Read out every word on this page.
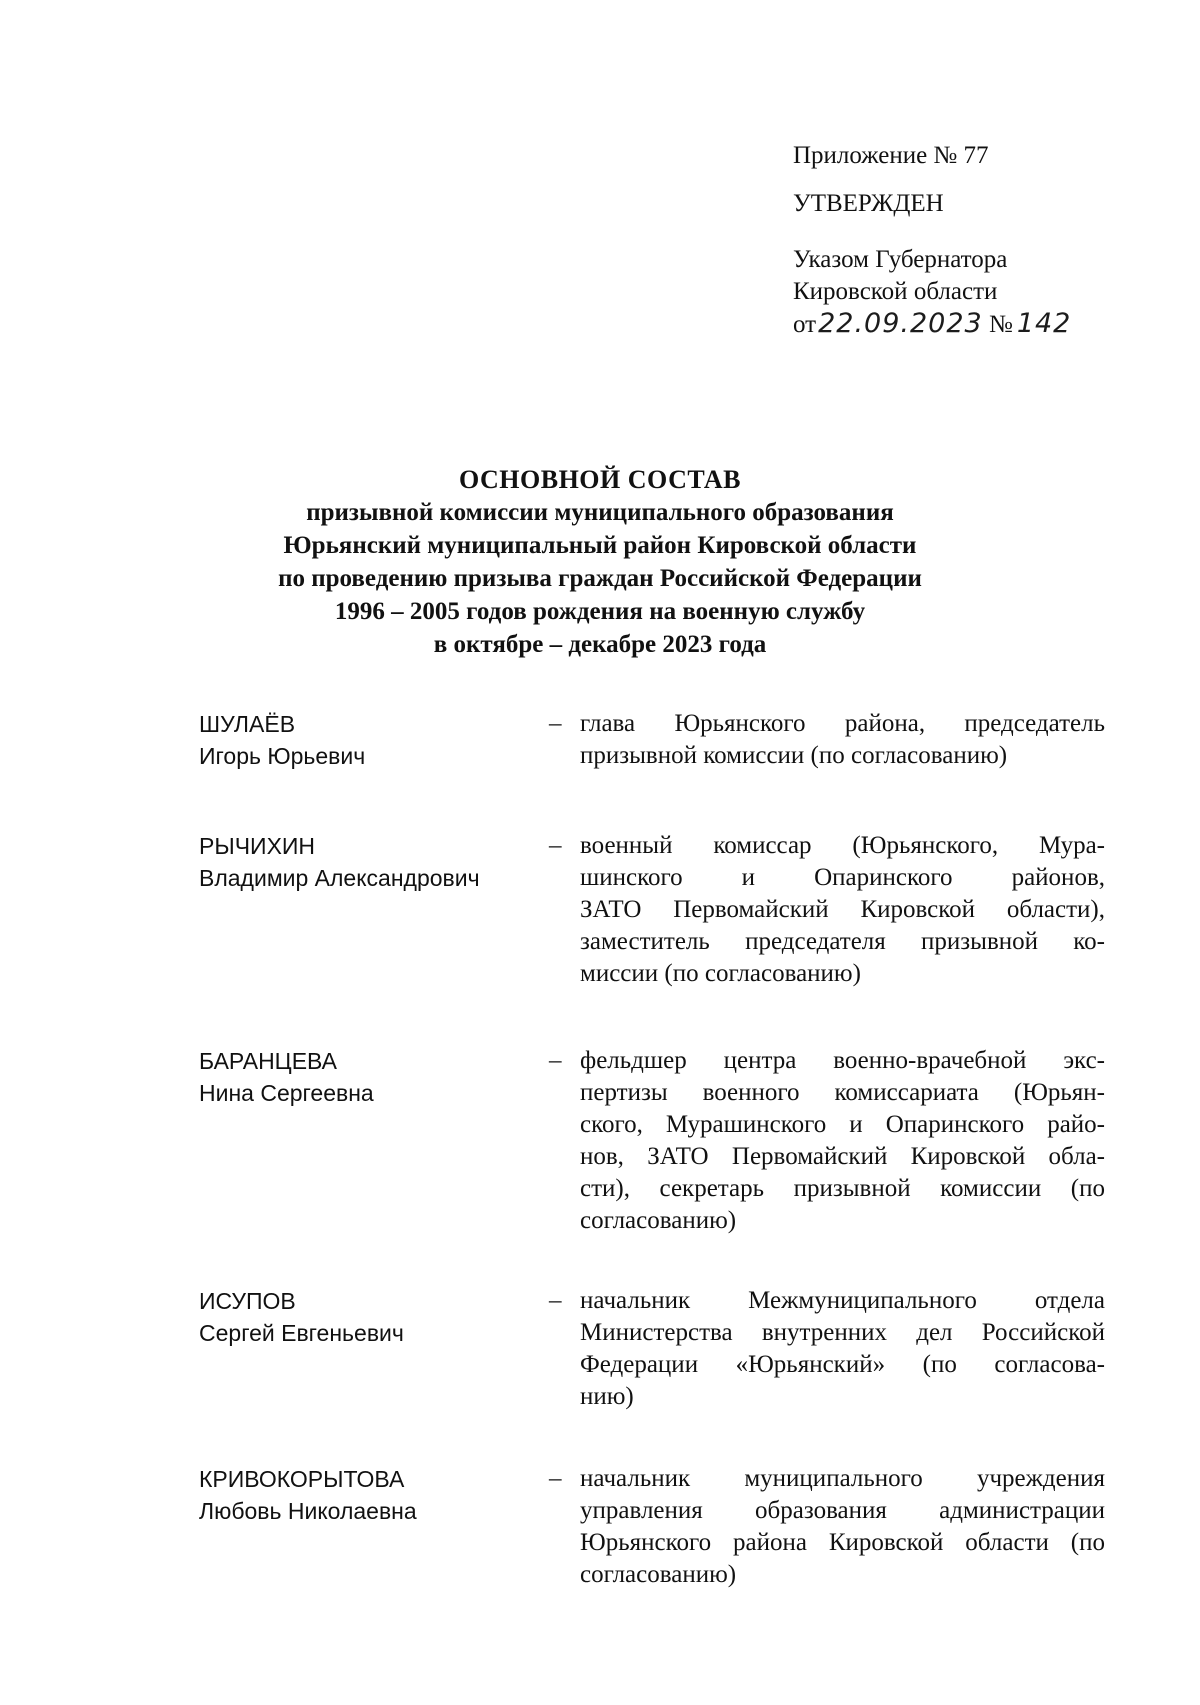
Приложение № 77
УТВЕРЖДЕН
Указом Губернатора
Кировской области
от22.09.2023 № 142
ОСНОВНОЙ СОСТАВ
призывной комиссии муниципального образования
Юрьянский муниципальный район Кировской области
по проведению призыва граждан Российской Федерации
1996 – 2005 годов рождения на военную службу
в октябре – декабре 2023 года
ШУЛАЁВ
Игорь Юрьевич
– глава Юрьянского района, председатель
призывной комиссии (по согласованию)
РЫЧИХИН
Владимир Александрович
– военный комиссар (Юрьянского, Мура-
шинского и Опаринского районов,
ЗАТО Первомайский Кировской области),
заместитель председателя призывной ко-
миссии (по согласованию)
БАРАНЦЕВА
Нина Сергеевна
– фельдшер центра военно-врачебной экс-
пертизы военного комиссариата (Юрьян-
ского, Мурашинского и Опаринского райо-
нов, ЗАТО Первомайский Кировской обла-
сти), секретарь призывной комиссии (по
согласованию)
ИСУПОВ
Сергей Евгеньевич
– начальник Межмуниципального отдела
Министерства внутренних дел Российской
Федерации «Юрьянский» (по согласова-
нию)
КРИВОКОРЫТОВА
Любовь Николаевна
– начальник муниципального учреждения
управления образования администрации
Юрьянского района Кировской области (по
согласованию)
